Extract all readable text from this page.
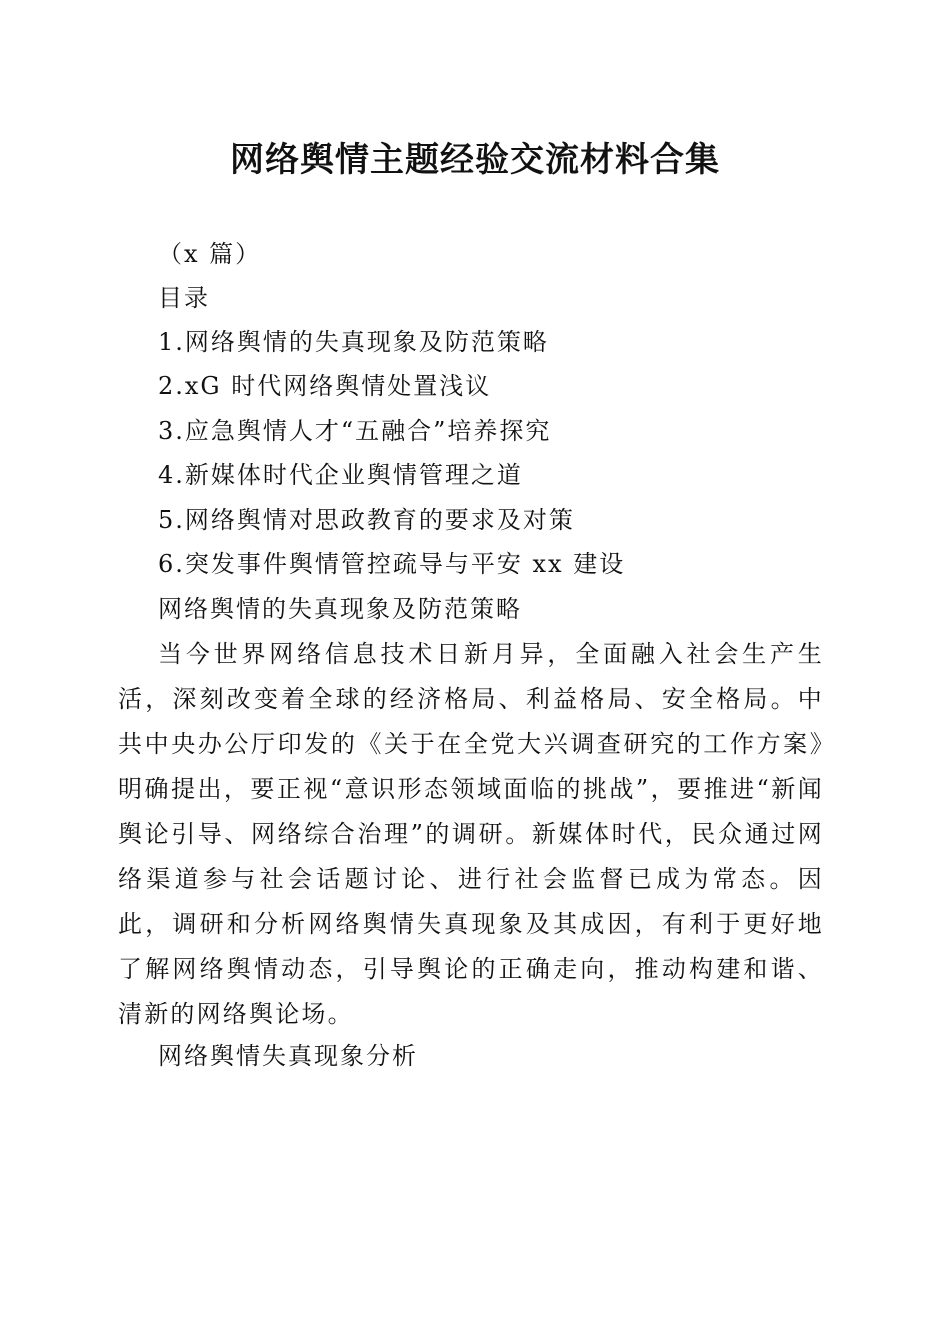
网络舆情主题经验交流材料合集
（x 篇）
目录
1.网络舆情的失真现象及防范策略
2.xG 时代网络舆情处置浅议
3.应急舆情人才“五融合”培养探究
4.新媒体时代企业舆情管理之道
5.网络舆情对思政教育的要求及对策
6.突发事件舆情管控疏导与平安 xx 建设
网络舆情的失真现象及防范策略
当今世界网络信息技术日新月异，全面融入社会生产生活，深刻改变着全球的经济格局、利益格局、安全格局。中共中央办公厅印发的《关于在全党大兴调查研究的工作方案》明确提出，要正视“意识形态领域面临的挑战”，要推进“新闻舆论引导、网络综合治理”的调研。新媒体时代，民众通过网络渠道参与社会话题讨论、进行社会监督已成为常态。因此，调研和分析网络舆情失真现象及其成因，有利于更好地了解网络舆情动态，引导舆论的正确走向，推动构建和谐、清新的网络舆论场。
网络舆情失真现象分析
